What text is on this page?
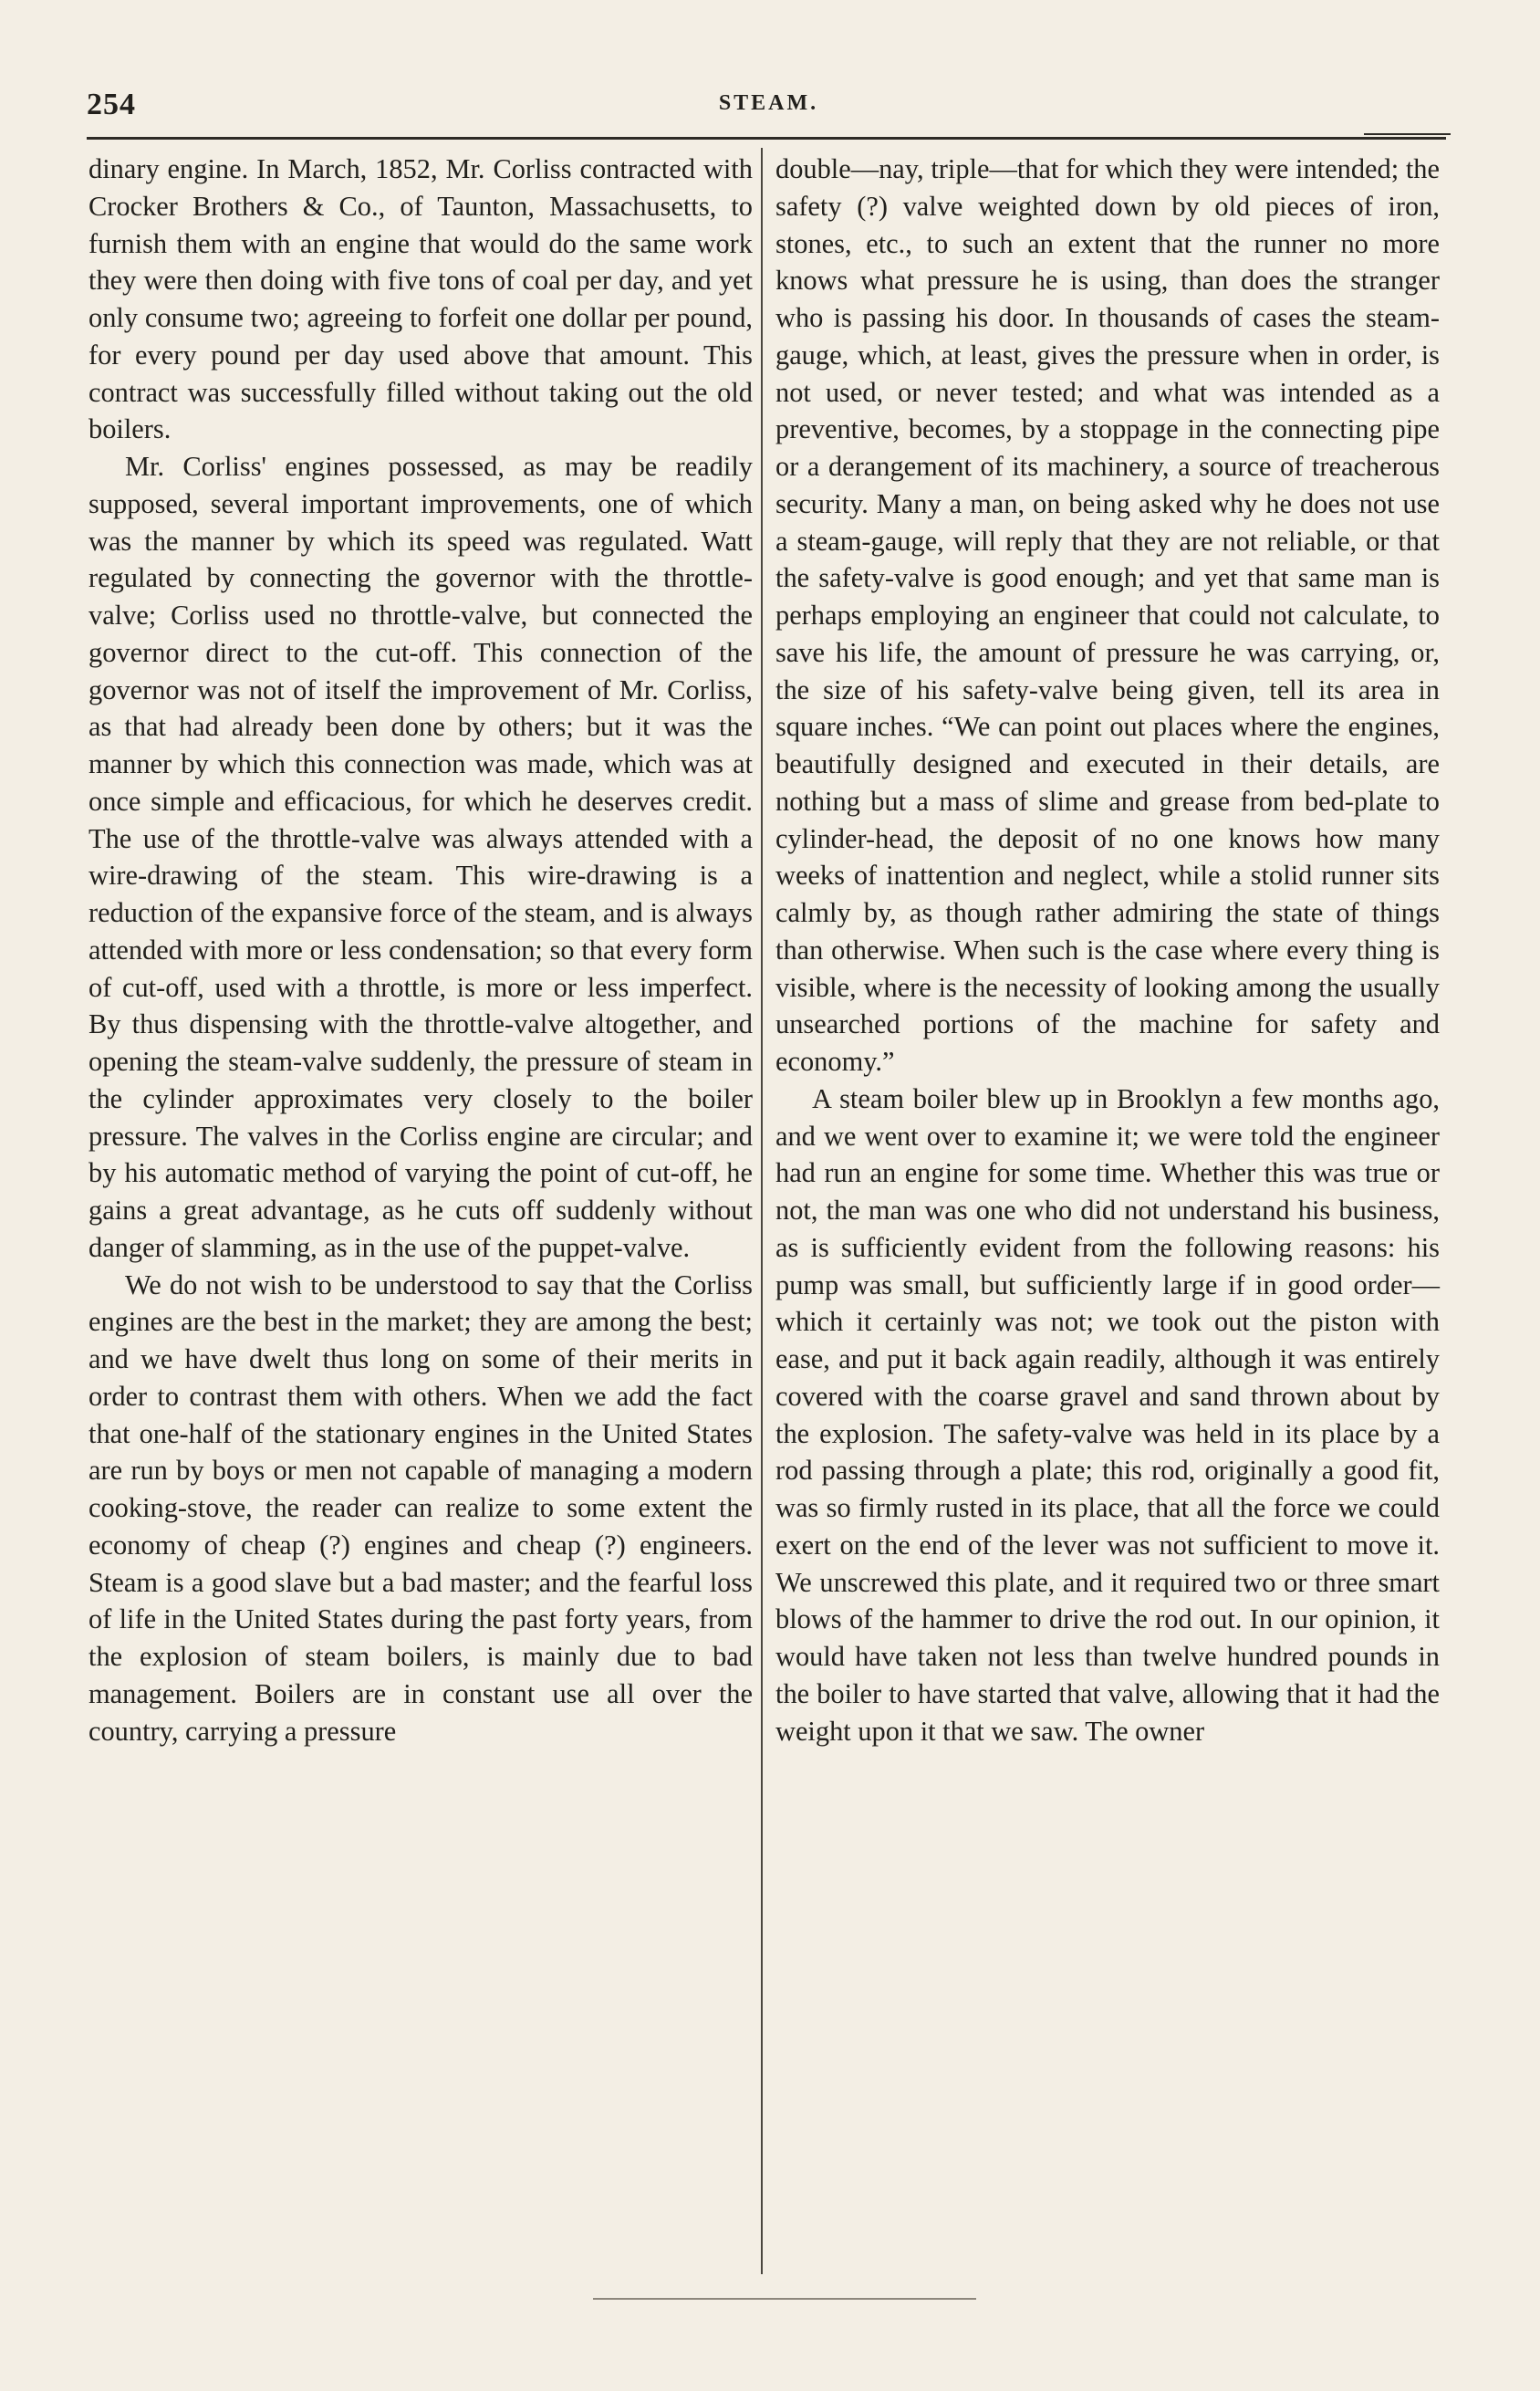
254	STEAM.

dinary engine. In March, 1852, Mr. Corliss contracted with Crocker Brothers & Co., of Taunton, Massachusetts, to furnish them with an engine that would do the same work they were then doing with five tons of coal per day, and yet only consume two; agreeing to forfeit one dollar per pound, for every pound per day used above that amount. This contract was successfully filled without taking out the old boilers.

Mr. Corliss' engines possessed, as may be readily supposed, several important improvements, one of which was the manner by which its speed was regulated. Watt regulated by connecting the governor with the throttle-valve; Corliss used no throttle-valve, but connected the governor direct to the cut-off. This connection of the governor was not of itself the improvement of Mr. Corliss, as that had already been done by others; but it was the manner by which this connection was made, which was at once simple and efficacious, for which he deserves credit. The use of the throttle-valve was always attended with a wire-drawing of the steam. This wire-drawing is a reduction of the expansive force of the steam, and is always attended with more or less condensation; so that every form of cut-off, used with a throttle, is more or less imperfect. By thus dispensing with the throttle-valve altogether, and opening the steam-valve suddenly, the pressure of steam in the cylinder approximates very closely to the boiler pressure. The valves in the Corliss engine are circular; and by his automatic method of varying the point of cut-off, he gains a great advantage, as he cuts off suddenly without danger of slamming, as in the use of the puppet-valve.

We do not wish to be understood to say that the Corliss engines are the best in the market; they are among the best; and we have dwelt thus long on some of their merits in order to contrast them with others. When we add the fact that one-half of the stationary engines in the United States are run by boys or men not capable of managing a modern cooking-stove, the reader can realize to some extent the economy of cheap (?) engines and cheap (?) engineers. Steam is a good slave but a bad master; and the fearful loss of life in the United States during the past forty years, from the explosion of steam boilers, is mainly due to bad management. Boilers are in constant use all over the country, carrying a pressure

double—nay, triple—that for which they were intended; the safety (?) valve weighted down by old pieces of iron, stones, etc., to such an extent that the runner no more knows what pressure he is using, than does the stranger who is passing his door. In thousands of cases the steam-gauge, which, at least, gives the pressure when in order, is not used, or never tested; and what was intended as a preventive, becomes, by a stoppage in the connecting pipe or a derangement of its machinery, a source of treacherous security. Many a man, on being asked why he does not use a steam-gauge, will reply that they are not reliable, or that the safety-valve is good enough; and yet that same man is perhaps employing an engineer that could not calculate, to save his life, the amount of pressure he was carrying, or, the size of his safety-valve being given, tell its area in square inches. “We can point out places where the engines, beautifully designed and executed in their details, are nothing but a mass of slime and grease from bed-plate to cylinder-head, the deposit of no one knows how many weeks of inattention and neglect, while a stolid runner sits calmly by, as though rather admiring the state of things than otherwise. When such is the case where every thing is visible, where is the necessity of looking among the usually unsearched portions of the machine for safety and economy.”

A steam boiler blew up in Brooklyn a few months ago, and we went over to examine it; we were told the engineer had run an engine for some time. Whether this was true or not, the man was one who did not understand his business, as is sufficiently evident from the following reasons: his pump was small, but sufficiently large if in good order—which it certainly was not; we took out the piston with ease, and put it back again readily, although it was entirely covered with the coarse gravel and sand thrown about by the explosion. The safety-valve was held in its place by a rod passing through a plate; this rod, originally a good fit, was so firmly rusted in its place, that all the force we could exert on the end of the lever was not sufficient to move it. We unscrewed this plate, and it required two or three smart blows of the hammer to drive the rod out. In our opinion, it would have taken not less than twelve hundred pounds in the boiler to have started that valve, allowing that it had the weight upon it that we saw. The owner
